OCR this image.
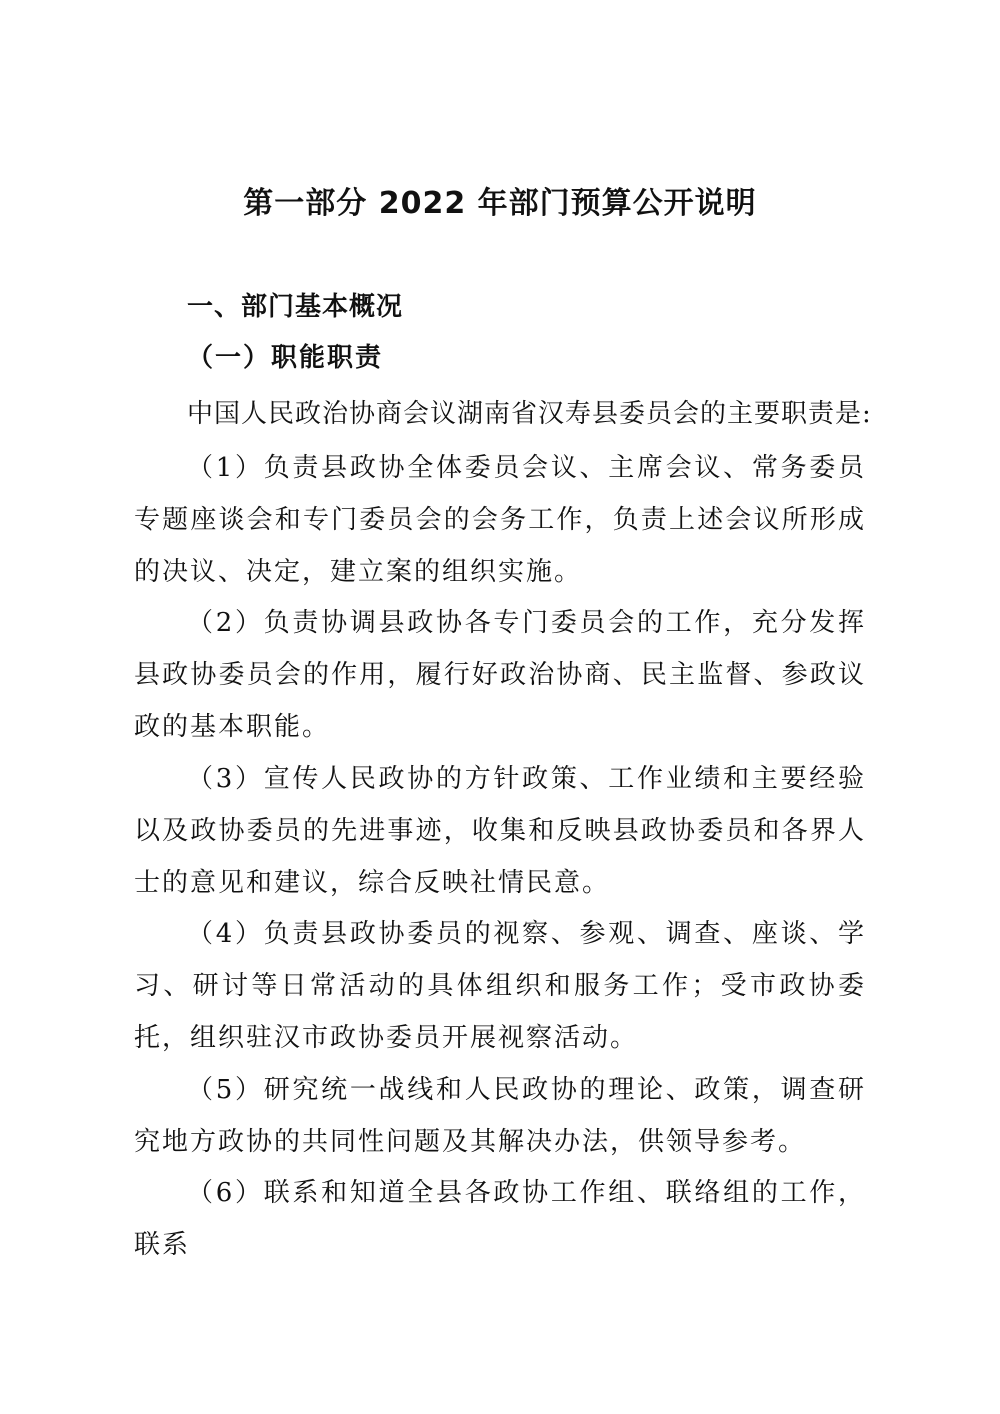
第一部分 2022 年部门预算公开说明
一、部门基本概况
（一）职能职责

中国人民政治协商会议湖南省汉寿县委员会的主要职责是:

（1）负责县政协全体委员会议、主席会议、常务委员专题座谈会和专门委员会的会务工作，负责上述会议所形成的决议、决定，建立案的组织实施。

（2）负责协调县政协各专门委员会的工作，充分发挥县政协委员会的作用，履行好政治协商、民主监督、参政议政的基本职能。

（3）宣传人民政协的方针政策、工作业绩和主要经验以及政协委员的先进事迹，收集和反映县政协委员和各界人士的意见和建议，综合反映社情民意。

（4）负责县政协委员的视察、参观、调查、座谈、学习、研讨等日常活动的具体组织和服务工作；受市政协委托，组织驻汉市政协委员开展视察活动。

（5）研究统一战线和人民政协的理论、政策，调查研究地方政协的共同性问题及其解决办法，供领导参考。

（6）联系和知道全县各政协工作组、联络组的工作，联系
